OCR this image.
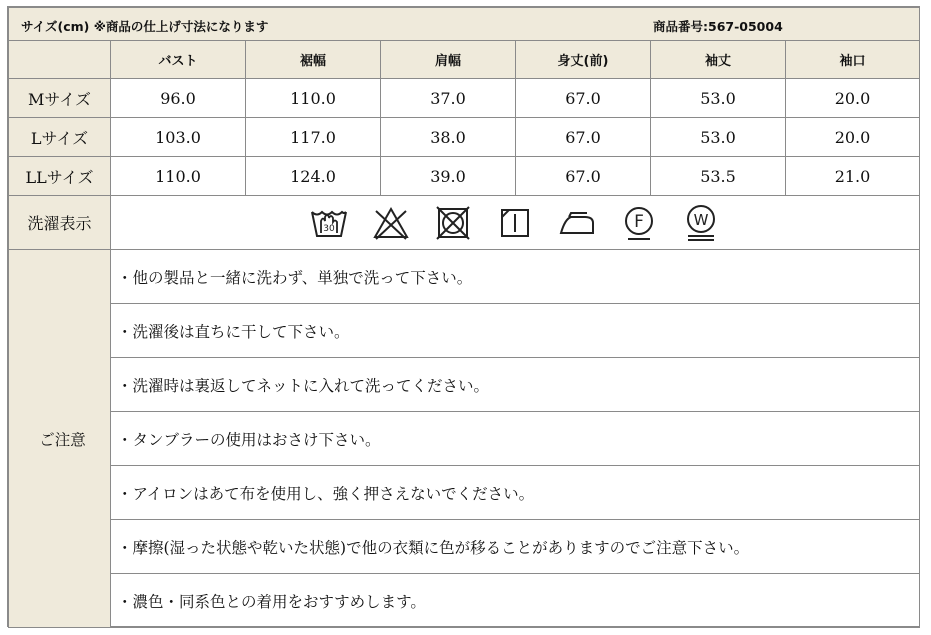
サイズ(cm) ※商品の仕上げ寸法になります 商品番号:567-05004						

	バスト	裾幅	肩幅	身丈(前)	袖丈	袖口
Mサイズ	96.0	110.0	37.0	67.0	53.0	20.0
Lサイズ	103.0	117.0	38.0	67.0	53.0	20.0
LLサイズ	110.0	124.0	39.0	67.0	53.5	21.0
洗濯表示	30 F W					

ご注意	・他の製品と一緒に洗わず、単独で洗って下さい。					
	・洗濯後は直ちに干して下さい。					
	・洗濯時は裏返してネットに入れて洗ってください。					
	・タンブラーの使用はおさけ下さい。					
	・アイロンはあて布を使用し、強く押さえないでください。					
	・摩擦(湿った状態や乾いた状態)で他の衣類に色が移ることがありますのでご注意下さい。					
	・濃色・同系色との着用をおすすめします。					
